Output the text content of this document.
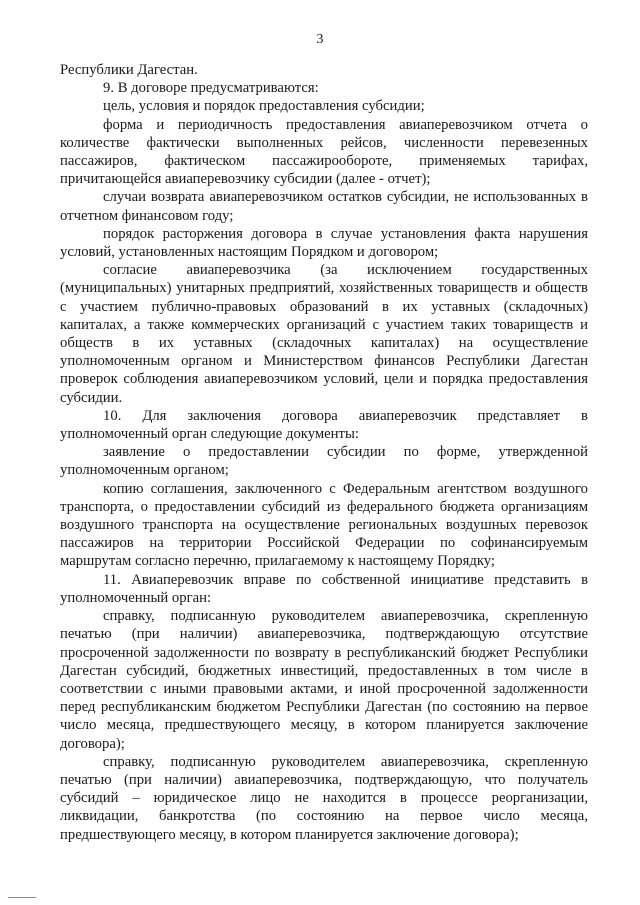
3

Республики Дагестан.

9. В договоре предусматриваются:

цель, условия и порядок предоставления субсидии;

форма и периодичность предоставления авиаперевозчиком отчета о количестве фактически выполненных рейсов, численности перевезенных пассажиров, фактическом пассажирообороте, применяемых тарифах, причитающейся авиаперевозчику субсидии (далее - отчет);

случаи возврата авиаперевозчиком остатков субсидии, не использованных в отчетном финансовом году;

порядок расторжения договора в случае установления факта нарушения условий, установленных настоящим Порядком и договором;

согласие авиаперевозчика (за исключением государственных (муниципальных) унитарных предприятий, хозяйственных товариществ и обществ с участием публично-правовых образований в их уставных (складочных) капиталах, а также коммерческих организаций с участием таких товариществ и обществ в их уставных (складочных капиталах) на осуществление уполномоченным органом и Министерством финансов Республики Дагестан проверок соблюдения авиаперевозчиком условий, цели и порядка предоставления субсидии.

10. Для заключения договора авиаперевозчик представляет в уполномоченный орган следующие документы:

заявление о предоставлении субсидии по форме, утвержденной уполномоченным органом;

копию соглашения, заключенного с Федеральным агентством воздушного транспорта, о предоставлении субсидий из федерального бюджета организациям воздушного транспорта на осуществление региональных воздушных перевозок пассажиров на территории Российской Федерации по софинансируемым маршрутам согласно перечню, прилагаемому к настоящему Порядку;

11. Авиаперевозчик вправе по собственной инициативе представить в уполномоченный орган:

справку, подписанную руководителем авиаперевозчика, скрепленную печатью (при наличии) авиаперевозчика, подтверждающую отсутствие просроченной задолженности по возврату в республиканский бюджет Республики Дагестан субсидий, бюджетных инвестиций, предоставленных в том числе в соответствии с иными правовыми актами, и иной просроченной задолженности перед республиканским бюджетом Республики Дагестан (по состоянию на первое число месяца, предшествующего месяцу, в котором планируется заключение договора);

справку, подписанную руководителем авиаперевозчика, скрепленную печатью (при наличии) авиаперевозчика, подтверждающую, что получатель субсидий – юридическое лицо не находится в процессе реорганизации, ликвидации, банкротства (по состоянию на первое число месяца, предшествующего месяцу, в котором планируется заключение договора);
